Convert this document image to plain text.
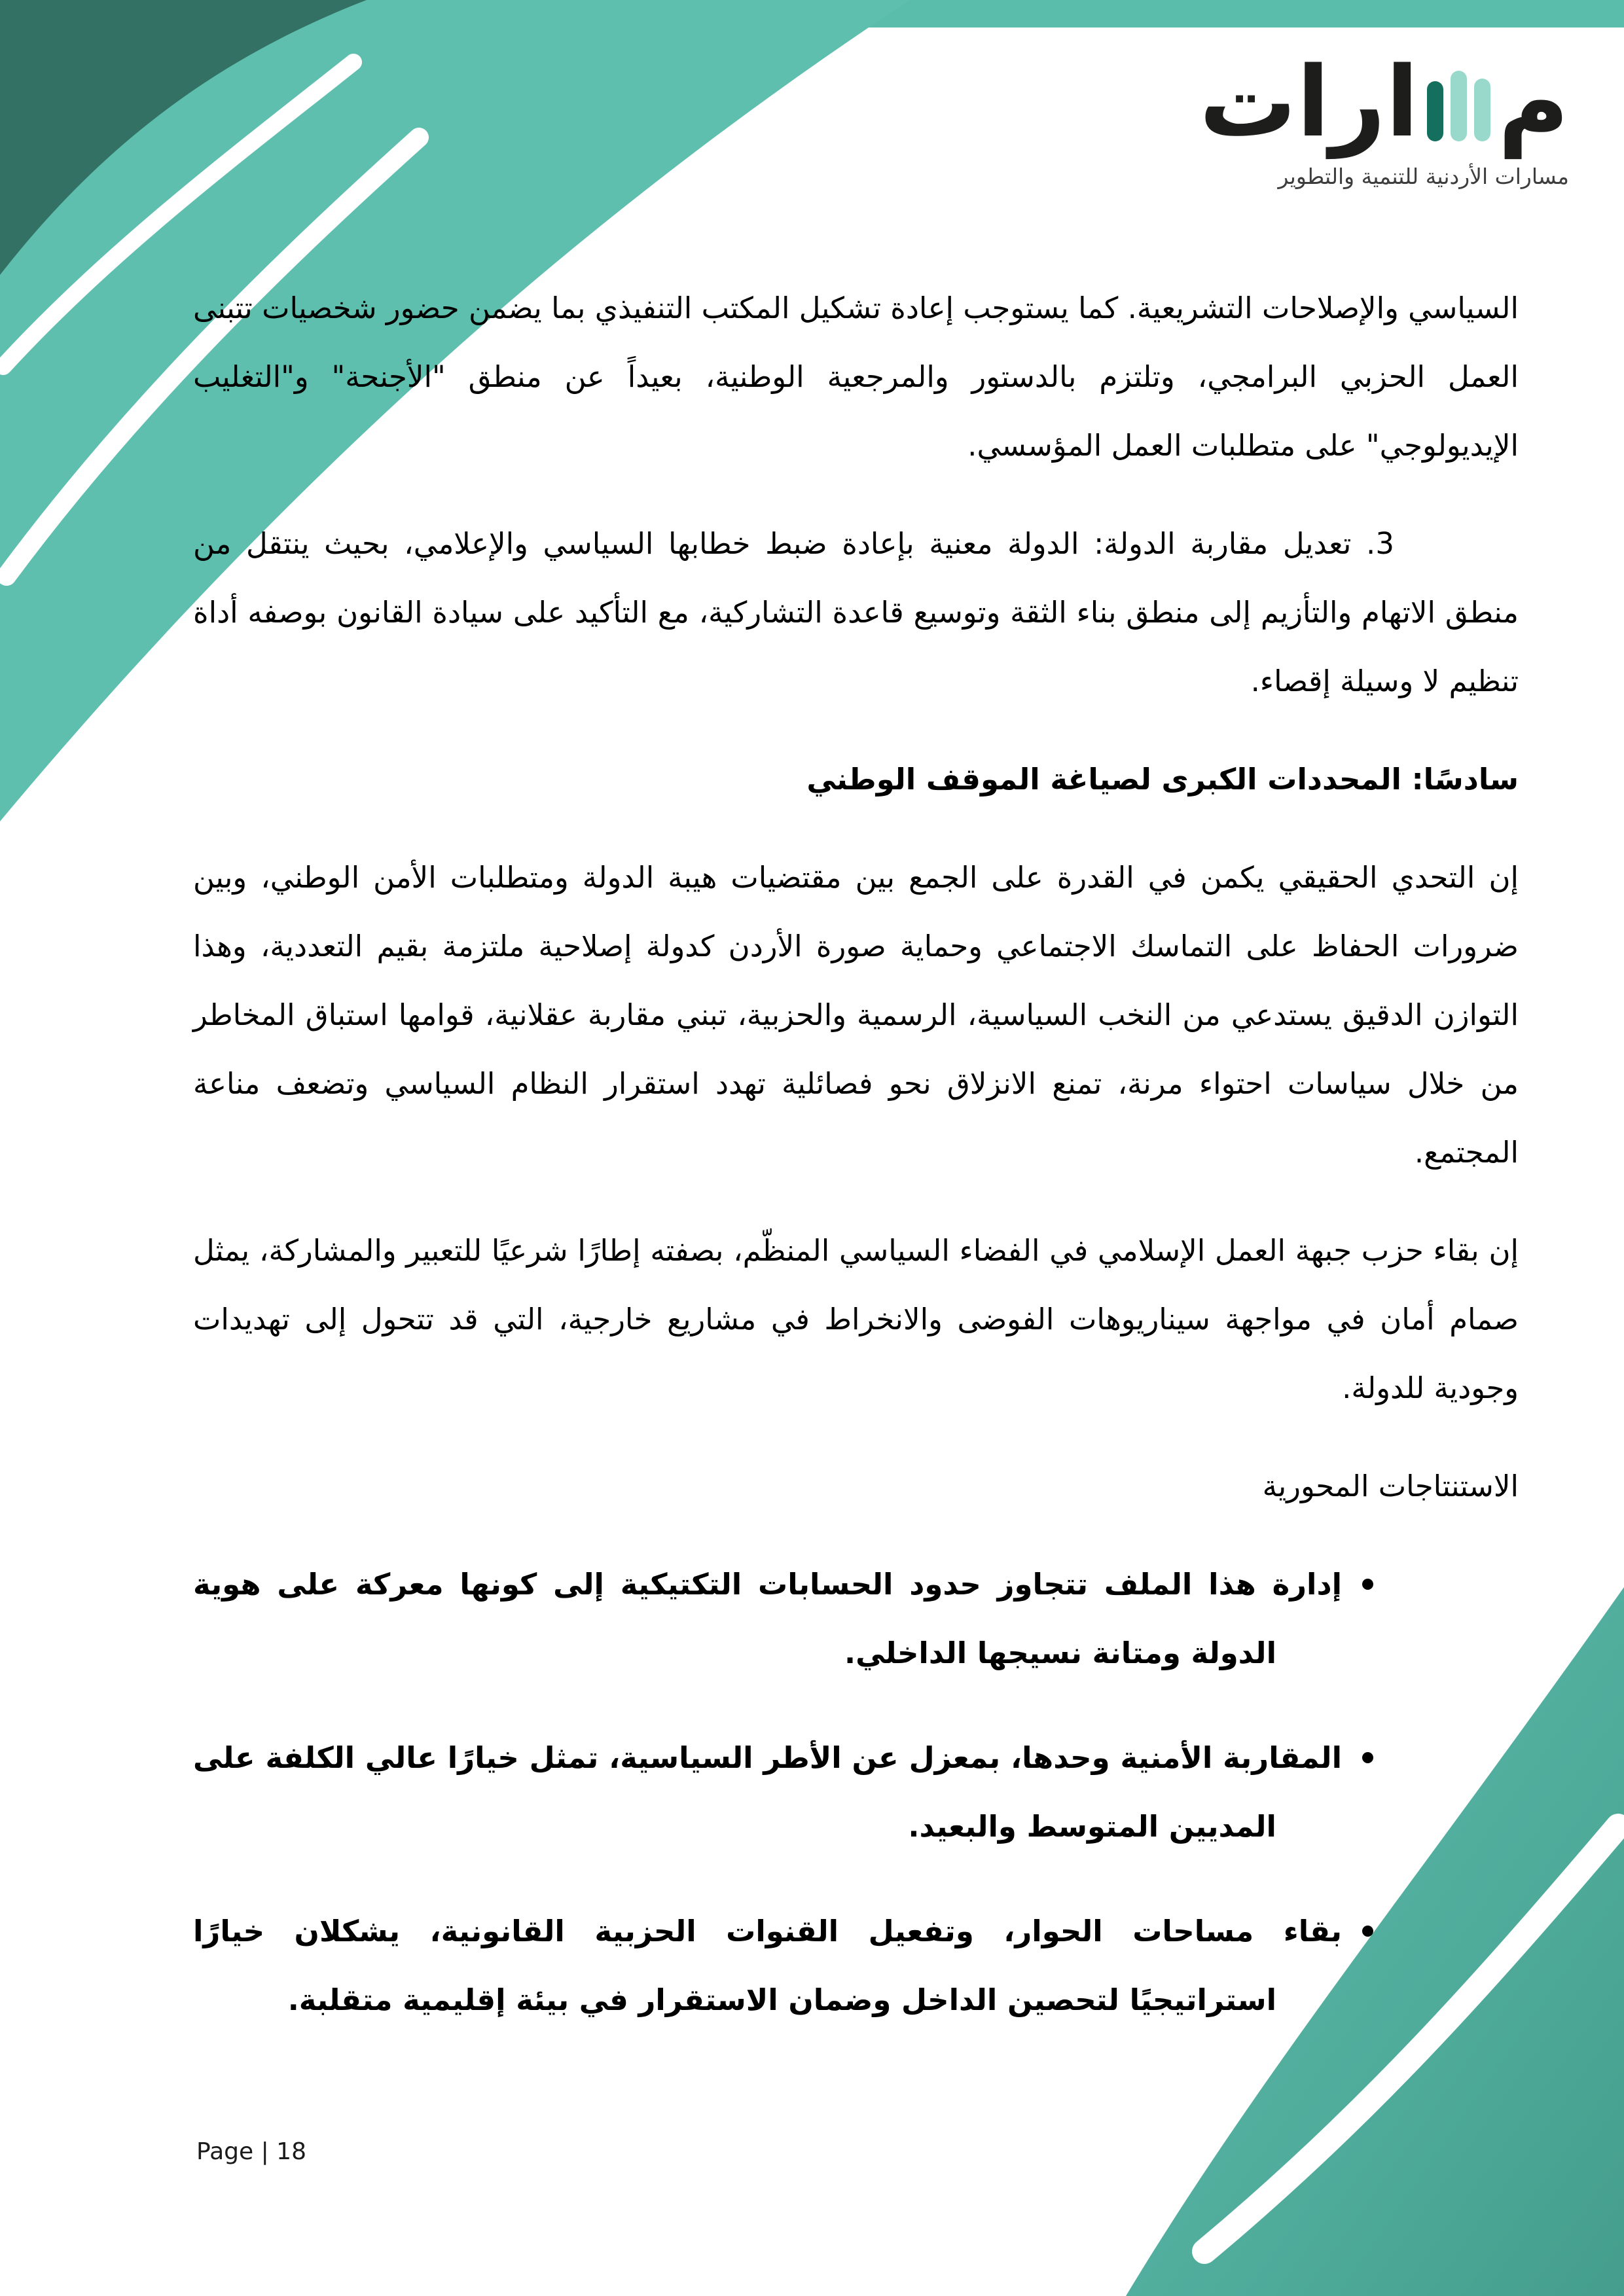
م
ارات
مسارات الأردنية للتنمية والتطوير

السياسي والإصلاحات التشريعية. كما يستوجب إعادة تشكيل المكتب التنفيذي بما يضمن حضور شخصيات تتبنى العمل الحزبي البرامجي، وتلتزم بالدستور والمرجعية الوطنية، بعيداً عن منطق "الأجنحة" و"التغليب الإيديولوجي" على متطلبات العمل المؤسسي.

3. تعديل مقاربة الدولة: الدولة معنية بإعادة ضبط خطابها السياسي والإعلامي، بحيث ينتقل من منطق الاتهام والتأزيم إلى منطق بناء الثقة وتوسيع قاعدة التشاركية، مع التأكيد على سيادة القانون بوصفه أداة تنظيم لا وسيلة إقصاء.

سادسًا: المحددات الكبرى لصياغة الموقف الوطني

إن التحدي الحقيقي يكمن في القدرة على الجمع بين مقتضيات هيبة الدولة ومتطلبات الأمن الوطني، وبين ضرورات الحفاظ على التماسك الاجتماعي وحماية صورة الأردن كدولة إصلاحية ملتزمة بقيم التعددية، وهذا التوازن الدقيق يستدعي من النخب السياسية، الرسمية والحزبية، تبني مقاربة عقلانية، قوامها استباق المخاطر من خلال سياسات احتواء مرنة، تمنع الانزلاق نحو فصائلية تهدد استقرار النظام السياسي وتضعف مناعة المجتمع.

إن بقاء حزب جبهة العمل الإسلامي في الفضاء السياسي المنظّم، بصفته إطارًا شرعيًا للتعبير والمشاركة، يمثل صمام أمان في مواجهة سيناريوهات الفوضى والانخراط في مشاريع خارجية، التي قد تتحول إلى تهديدات وجودية للدولة.

الاستنتاجات المحورية

إدارة هذا الملف تتجاوز حدود الحسابات التكتيكية إلى كونها معركة على هوية الدولة ومتانة نسيجها الداخلي.
المقاربة الأمنية وحدها، بمعزل عن الأطر السياسية، تمثل خيارًا عالي الكلفة على المديين المتوسط والبعيد.
بقاء مساحات الحوار، وتفعيل القنوات الحزبية القانونية، يشكلان خيارًا استراتيجيًا لتحصين الداخل وضمان الاستقرار في بيئة إقليمية متقلبة.
Page | 18
